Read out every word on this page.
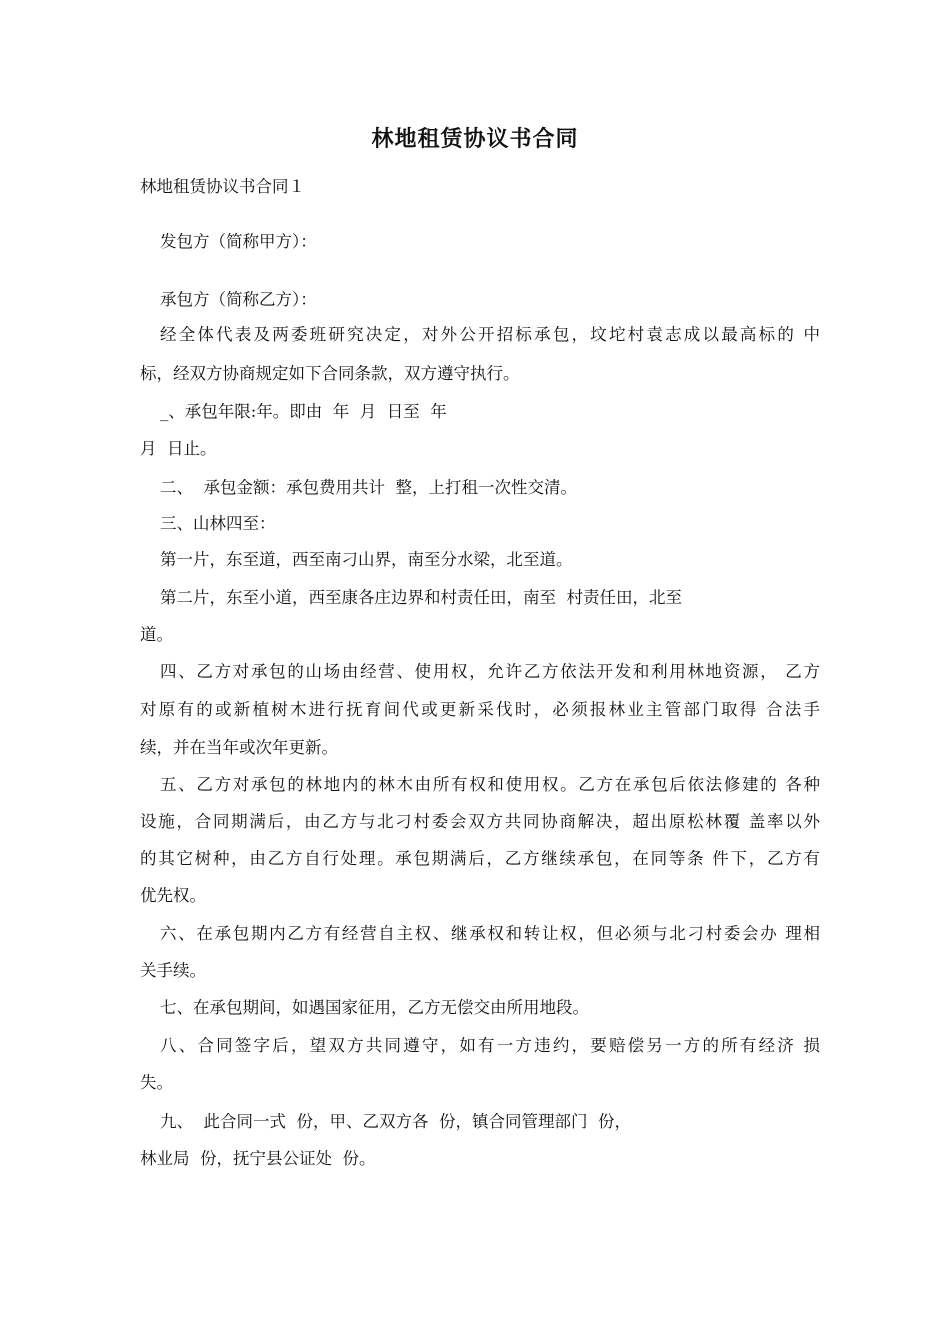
林地租赁协议书合同
林地租赁协议书合同１
发包方（简称甲方）：
承包方（简称乙方）：
经全体代表及两委班研究决定，对外公开招标承包，坟坨村袁志成以最高标的 中
标，经双方协商规定如下合同条款，双方遵守执行。
_、承包年限:年。即由  年  月  日至  年
月  日止。
二、  承包金额：承包费用共计  整，上打租一次性交清。
三、山林四至：
第一片，东至道，西至南刁山界，南至分水梁，北至道。
第二片，东至小道，西至康各庄边界和村责任田，南至  村责任田，北至
道。
四、乙方对承包的山场由经营、使用权，允许乙方依法开发和利用林地资源， 乙方
对原有的或新植树木进行抚育间代或更新采伐时，必须报林业主管部门取得 合法手
续，并在当年或次年更新。
五、乙方对承包的林地内的林木由所有权和使用权。乙方在承包后依法修建的 各种
设施，合同期满后，由乙方与北刁村委会双方共同协商解决，超出原松林覆 盖率以外
的其它树种，由乙方自行处理。承包期满后，乙方继续承包，在同等条 件下，乙方有
优先权。
六、在承包期内乙方有经营自主权、继承权和转让权，但必须与北刁村委会办 理相
关手续。
七、在承包期间，如遇国家征用，乙方无偿交由所用地段。
八、合同签字后，望双方共同遵守，如有一方违约，要赔偿另一方的所有经济 损
失。
九、  此合同一式  份，甲、乙双方各  份，镇合同管理部门  份，
林业局  份，抚宁县公证处  份。
